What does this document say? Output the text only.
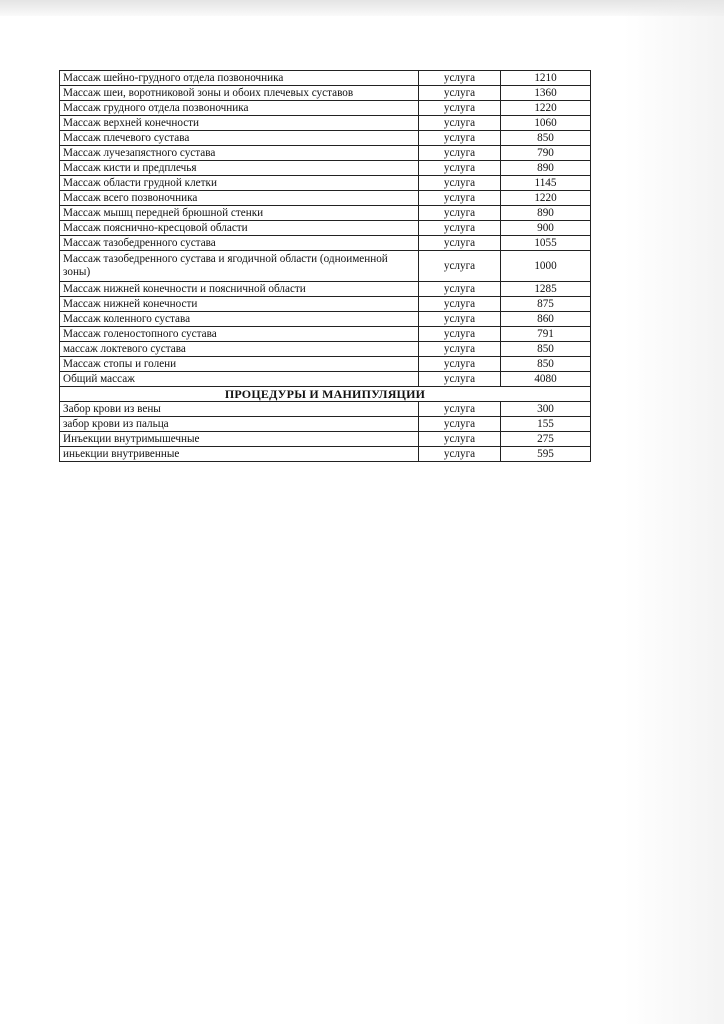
Массаж шейно-грудного отдела позвоночника	услуга	1210
Массаж шеи, воротниковой зоны и обоих плечевых суставов	услуга	1360
Массаж грудного отдела позвоночника	услуга	1220
Массаж верхней конечности	услуга	1060
Массаж плечевого сустава	услуга	850
Массаж лучезапястного сустава	услуга	790
Массаж кисти и предплечья	услуга	890
Массаж области грудной клетки	услуга	1145
Массаж всего позвоночника	услуга	1220
Массаж мышц передней брюшной стенки	услуга	890
Массаж пояснично-кресцовой области	услуга	900
Массаж тазобедренного сустава	услуга	1055
Массаж тазобедренного сустава и ягодичной области (одноименной зоны)	услуга	1000
Массаж нижней конечности и поясничной области	услуга	1285
Массаж нижней конечности	услуга	875
Массаж коленного сустава	услуга	860
Массаж голеностопного сустава	услуга	791
массаж локтевого сустава	услуга	850
Массаж стопы и голени	услуга	850
Общий массаж	услуга	4080
ПРОЦЕДУРЫ И МАНИПУЛЯЦИИ		
Забор крови из вены	услуга	300
забор крови из пальца	услуга	155
Инъекции внутримышечные	услуга	275
иньекции внутривенные	услуга	595
